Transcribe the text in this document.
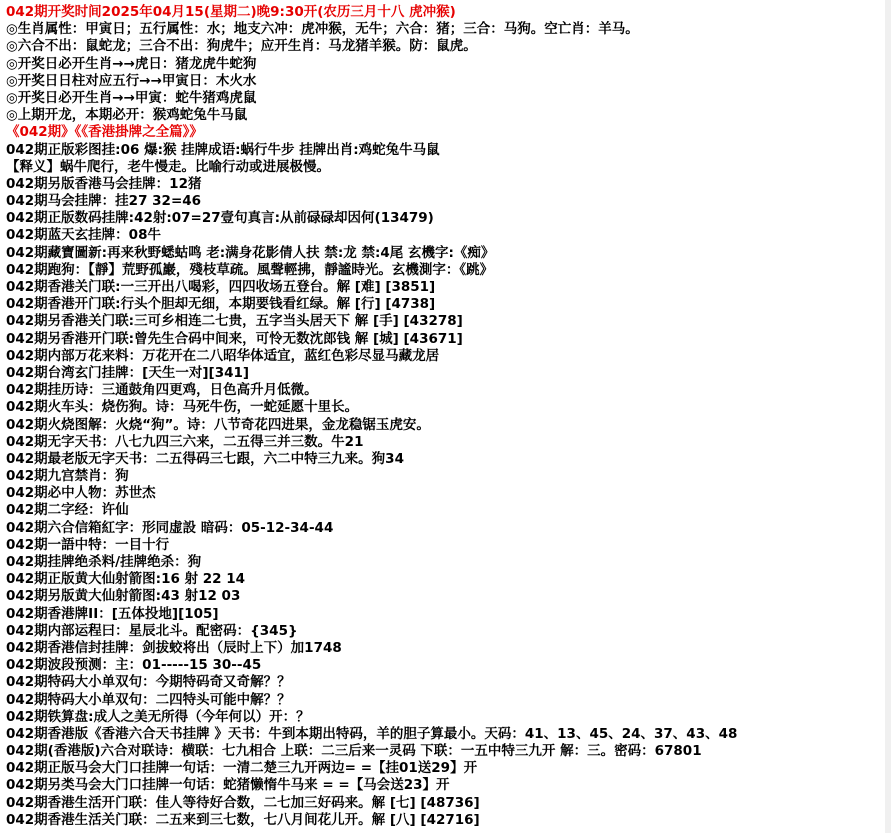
042期开奖时间2025年04月15(星期二)晚9:30开(农历三月十八 虎冲猴)
◎生肖属性：甲寅日；五行属性：水；地支六冲：虎冲猴，无牛；六合：猪；三合：马狗。空亡肖：羊马。
◎六合不出：鼠蛇龙；三合不出：狗虎牛；应开生肖：马龙猪羊猴。防：鼠虎。
◎开奖日必开生肖→→虎日：猪龙虎牛蛇狗
◎开奖日日柱对应五行→→甲寅日：木火水
◎开奖日必开生肖→→甲寅：蛇牛猪鸡虎鼠
◎上期开龙，本期必开：猴鸡蛇兔牛马鼠
《042期》《《香港掛牌之全篇》》
042期正版彩图挂:06 爆:猴 挂牌成语:蜗行牛步 挂牌出肖:鸡蛇兔牛马鼠
【释义】蜗牛爬行，老牛慢走。比喻行动或进展极慢。
042期另版香港马会挂牌：12猪
042期马会挂牌：挂27 32=46
042期正版数码挂牌:42射:07=27壹句真言:从前碌碌却因何(13479)
042期蓝天玄挂牌：08牛
042期藏寶圖新:再来秋野蟋蛄鸣 老:满身花影倩人扶 禁:龙 禁:4尾 玄機字:《痴》
042期跑狗：【靜】荒野孤巖，殘枝草疏。風聲輕拂，靜謐時光。玄機測字：《跳》
042期香港关门联:一三开出八喝彩，四四收场五登台。解 [难] [3851]
042期香港开门联:行头个胆却无细，本期要钱看红绿。解 [行] [4738]
042期另香港关门联:三可乡相连二七贵，五字当头居天下 解 [手] [43278]
042期另香港开门联:曾先生合码中间来，可怜无数沈郎钱 解 [城] [43671]
042期内部万花来料：万花开在二八昭华体适宜，蓝红色彩尽显马藏龙居
042期台湾玄门挂牌：[天生一对][341]
042期挂历诗：三通鼓角四更鸡，日色高升月低微。
042期火车头：烧伤狗。诗：马死牛伤，一蛇延愿十里长。
042期火烧图解：火烧“狗”。诗：八节奇花四进果，金龙稳锯玉虎安。
042期无字天书：八七九四三六来，二五得三并三数。牛21
042期最老版无字天书：二五得码三七跟，六二中特三九来。狗34
042期九宫禁肖：狗
042期必中人物：苏世杰
042期二字经：许仙
042期六合信箱紅字：形同虚設 暗码：05-12-34-44
042期一語中特：一目十行
042期挂牌绝杀料/挂牌绝杀：狗
042期正版黄大仙射箭图:16 射 22 14
042期另版黄大仙射箭图:43 射12 03
042期香港牌II：[五体投地][105]
042期内部运程曰：星辰北斗。配密码：{345}
042期香港信封挂牌：剑拔蛟将出（辰时上下）加1748
042期波段预测：主：01-----15 30--45
042期特码大小单双句：今期特码奇又奇解？？
042期特码大小单双句：二四特头可能中解？？
042期铁算盘:成人之美无所得（今年何以）开：？
042期香港版《香港六合天书挂牌 》天书：牛到本期出特码，羊的胆子算最小。天码：41、13、45、24、37、43、48
042期(香港版)六合对联诗：横联：七九相合 上联：二三后来一灵码 下联：一五中特三九开 解：三。密码：67801
042期正版马会大门口挂牌一句话：一清二楚三九开两边= =【挂01送29】开
042期另类马会大门口挂牌一句话：蛇猪懒惰牛马来 = =【马会送23】开
042期香港生活开门联：佳人等待好合数，二七加三好码来。解 [七] [48736]
042期香港生活关门联：二五来到三七数，七八月间花儿开。解 [八] [42716]
